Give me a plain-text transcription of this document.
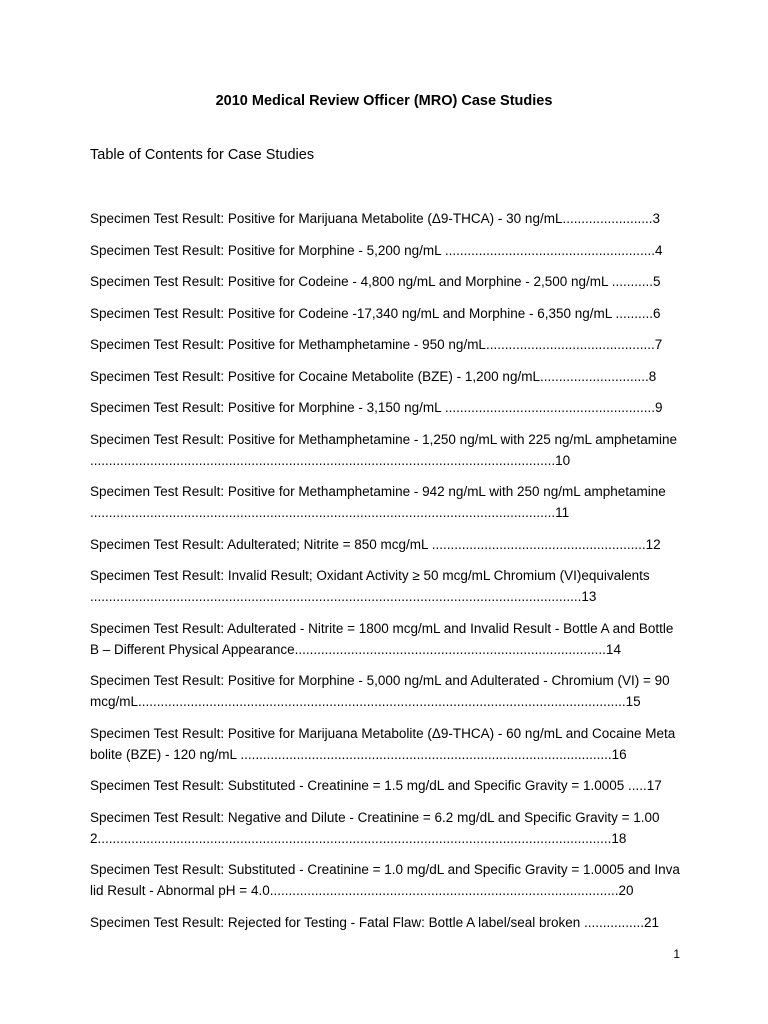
2010 Medical Review Officer (MRO) Case Studies
Table of Contents for Case Studies
Specimen Test Result: Positive for Marijuana Metabolite (Δ9-THCA) - 30 ng/mL........................3
Specimen Test Result: Positive for Morphine - 5,200 ng/mL ........................................................4
Specimen Test Result: Positive for Codeine - 4,800 ng/mL and Morphine - 2,500 ng/mL ...........5
Specimen Test Result: Positive for Codeine -17,340 ng/mL and Morphine - 6,350 ng/mL ..........6
Specimen Test Result: Positive for Methamphetamine - 950 ng/mL.............................................7
Specimen Test Result: Positive for Cocaine Metabolite (BZE) - 1,200 ng/mL.............................8
Specimen Test Result: Positive for Morphine - 3,150 ng/mL ........................................................9
Specimen Test Result: Positive for Methamphetamine - 1,250 ng/mL with 225 ng/mL amphetamine ............................................................................................................................10
Specimen Test Result: Positive for Methamphetamine - 942 ng/mL with 250 ng/mL amphetamine ............................................................................................................................11
Specimen Test Result: Adulterated; Nitrite = 850 mcg/mL .........................................................12
Specimen Test Result: Invalid Result; Oxidant Activity ≥ 50 mcg/mL Chromium (VI)equivalents ...................................................................................................................................13
Specimen Test Result: Adulterated - Nitrite = 1800 mcg/mL and Invalid Result - Bottle A and Bottle B – Different Physical Appearance...................................................................................14
Specimen Test Result: Positive for Morphine - 5,000 ng/mL and Adulterated - Chromium (VI) = 90 mcg/mL..................................................................................................................................15
Specimen Test Result: Positive for Marijuana Metabolite (Δ9-THCA) - 60 ng/mL and Cocaine Metabolite (BZE) - 120 ng/mL ...................................................................................................16
Specimen Test Result: Substituted - Creatinine = 1.5 mg/dL and Specific Gravity = 1.0005 .....17
Specimen Test Result: Negative and Dilute - Creatinine = 6.2 mg/dL and Specific Gravity = 1.002.........................................................................................................................................18
Specimen Test Result: Substituted - Creatinine = 1.0 mg/dL and Specific Gravity = 1.0005 and Invalid Result - Abnormal pH = 4.0.............................................................................................20
Specimen Test Result: Rejected for Testing - Fatal Flaw: Bottle A label/seal broken ................21
1
